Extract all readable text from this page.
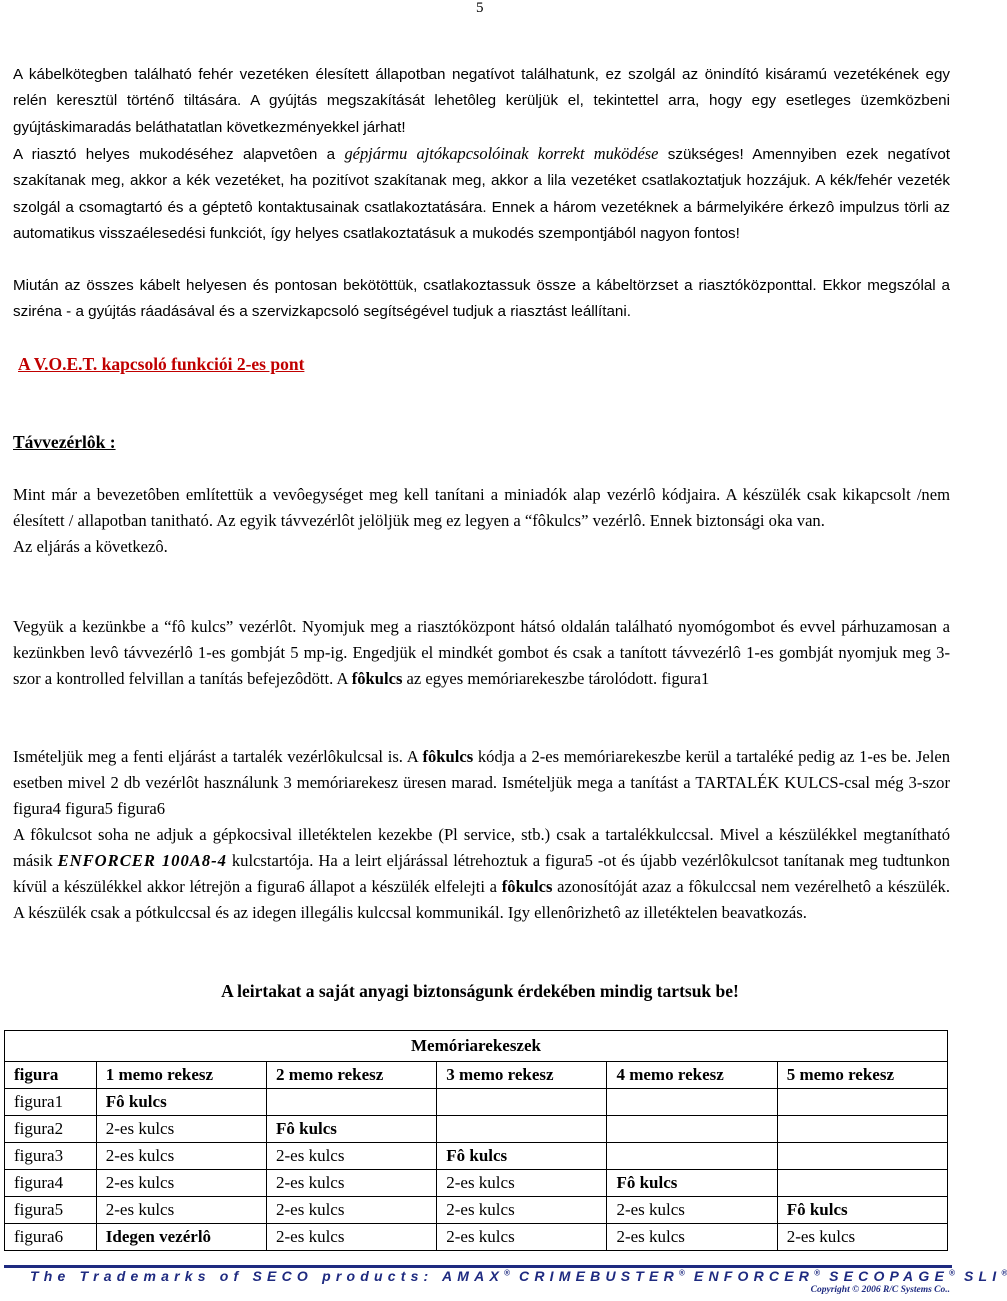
5
A kábelkötegben található fehér vezetéken élesített állapotban negatívot találhatunk, ez szolgál az önindító kisáramú vezetékének egy relén keresztül történő tiltására. A gyújtás megszakítását lehetôleg kerüljük el, tekintettel arra, hogy egy esetleges üzemközbeni gyújtáskimaradás beláthatatlan következményekkel járhat!
A riasztó helyes mukodéséhez alapvetôen a gépjármu ajtókapcsolóinak korrekt muködése szükséges! Amennyiben ezek negatívot szakítanak meg, akkor a kék vezetéket, ha pozitívot szakítanak meg, akkor a lila vezetéket csatlakoztatjuk hozzájuk. A kék/fehér vezeték szolgál a csomagtartó és a géptetô kontaktusainak csatlakoztatására. Ennek a három vezetéknek a bármelyikére érkezô impulzus törli az automatikus visszaélesedési funkciót, így helyes csatlakoztatásuk a mukodés szempontjából nagyon fontos!
Miután az összes kábelt helyesen és pontosan bekötöttük, csatlakoztassuk össze a kábeltörzset a riasztóközponttal. Ekkor megszólal a sziréna - a gyújtás ráadásával és a szervizkapcsoló segítségével tudjuk a riasztást leállítani.
A V.O.E.T. kapcsoló funkciói 2-es pont
Távvezérlôk :
Mint már a bevezetôben említettük a vevôegységet meg kell tanítani a miniadók alap vezérlô kódjaira. A készülék csak kikapcsolt /nem élesített / allapotban tanitható. Az egyik távvezérlôt jelöljük meg ez legyen a “fôkulcs” vezérlô. Ennek biztonsági oka van.
Az eljárás a következô.
Vegyük a kezünkbe a “fô kulcs” vezérlôt. Nyomjuk meg a riasztóközpont hátsó oldalán található nyomógombot és evvel párhuzamosan a kezünkben levô távvezérlô 1-es gombját 5 mp-ig. Engedjük el mindkét gombot és csak a tanított távvezérlô 1-es gombját nyomjuk meg 3-szor a kontrolled felvillan a tanítás befejezôdött. A fôkulcs az egyes memóriarekeszbe tárolódott. figura1
Ismételjük meg a fenti eljárást a tartalék vezérlôkulcsal is. A fôkulcs kódja a 2-es memóriarekeszbe kerül a tartaléké pedig az 1-es be. Jelen esetben mivel 2 db vezérlôt használunk 3 memóriarekesz üresen marad. Ismételjük mega a tanítást a TARTALÉK KULCS-csal még 3-szor figura4 figura5 figura6
A fôkulcsot soha ne adjuk a gépkocsival illetéktelen kezekbe (Pl service, stb.) csak a tartalékkulccsal. Mivel a készülékkel megtanítható másik ENFORCER 100A8-4 kulcstartója. Ha a leirt eljárással létrehoztuk a figura5 -ot és újabb vezérlôkulcsot tanítanak meg tudtunkon kívül a készülékkel akkor létrejön a figura6 állapot a készülék elfelejti a fôkulcs azonosítóját azaz a fôkulccsal nem vezérelhetô a készülék. A készülék csak a pótkulccsal és az idegen illegális kulccsal kommunikál. Igy ellenôrizhetô az illetéktelen beavatkozás.
A leirtakat a saját anyagi biztonságunk érdekében mindig tartsuk be!
Memóriarekeszek					
figura	1 memo rekesz	2 memo rekesz	3 memo rekesz	4 memo rekesz	5 memo rekesz
figura1	Fô kulcs				
figura2	2-es kulcs	Fô kulcs			
figura3	2-es kulcs	2-es kulcs	Fô kulcs		
figura4	2-es kulcs	2-es kulcs	2-es kulcs	Fô kulcs	
figura5	2-es kulcs	2-es kulcs	2-es kulcs	2-es kulcs	Fô kulcs
figura6	Idegen vezérlô	2-es kulcs	2-es kulcs	2-es kulcs	2-es kulcs
The Trademarks of SECO products: AMAX® CRIMEBUSTER® ENFORCER® SECOPAGE® SLI®
Copyright © 2006 R/C Systems Co..
